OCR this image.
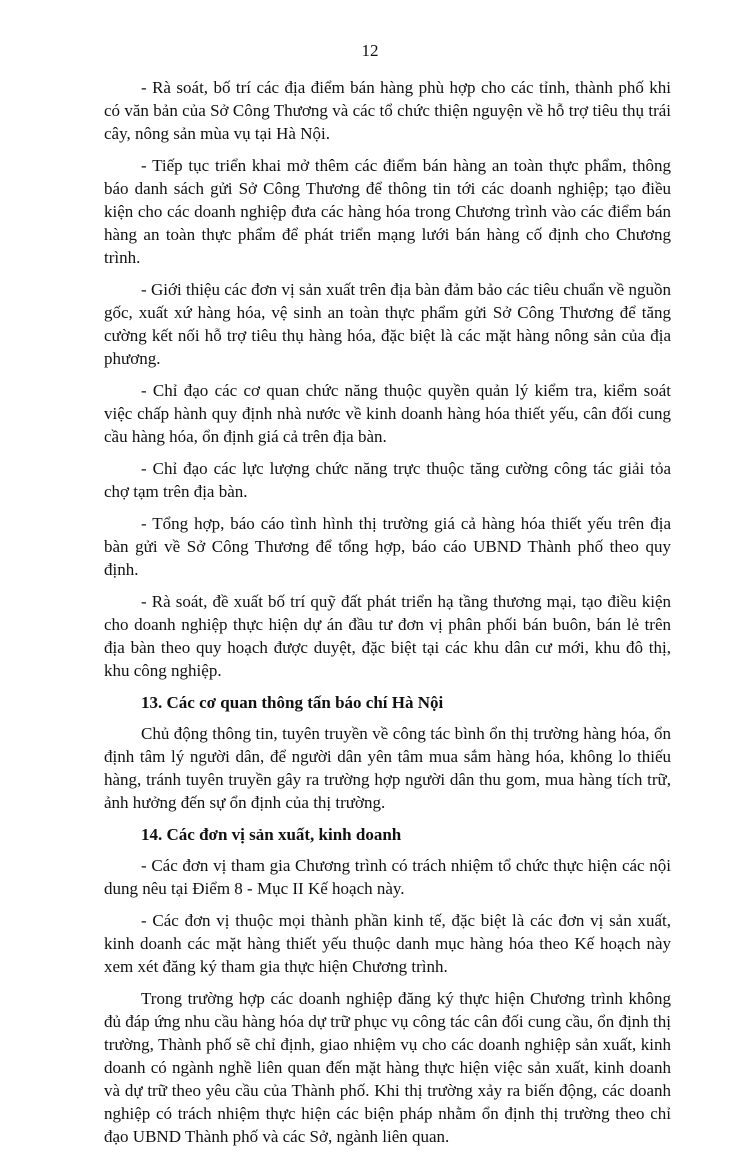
12

- Rà soát, bố trí các địa điểm bán hàng phù hợp cho các tỉnh, thành phố khi có văn bản của Sở Công Thương và các tổ chức thiện nguyện về hỗ trợ tiêu thụ trái cây, nông sản mùa vụ tại Hà Nội.

- Tiếp tục triển khai mở thêm các điểm bán hàng an toàn thực phẩm, thông báo danh sách gửi Sở Công Thương để thông tin tới các doanh nghiệp; tạo điều kiện cho các doanh nghiệp đưa các hàng hóa trong Chương trình vào các điểm bán hàng an toàn thực phẩm để phát triển mạng lưới bán hàng cố định cho Chương trình.

- Giới thiệu các đơn vị sản xuất trên địa bàn đảm bảo các tiêu chuẩn về nguồn gốc, xuất xứ hàng hóa, vệ sinh an toàn thực phẩm gửi Sở Công Thương để tăng cường kết nối hỗ trợ tiêu thụ hàng hóa, đặc biệt là các mặt hàng nông sản của địa phương.

- Chỉ đạo các cơ quan chức năng thuộc quyền quản lý kiểm tra, kiểm soát việc chấp hành quy định nhà nước về kinh doanh hàng hóa thiết yếu, cân đối cung cầu hàng hóa, ổn định giá cả trên địa bàn.

- Chỉ đạo các lực lượng chức năng trực thuộc tăng cường công tác giải tỏa chợ tạm trên địa bàn.

- Tổng hợp, báo cáo tình hình thị trường giá cả hàng hóa thiết yếu trên địa bàn gửi về Sở Công Thương để tổng hợp, báo cáo UBND Thành phố theo quy định.

- Rà soát, đề xuất bố trí quỹ đất phát triển hạ tầng thương mại, tạo điều kiện cho doanh nghiệp thực hiện dự án đầu tư đơn vị phân phối bán buôn, bán lẻ trên địa bàn theo quy hoạch được duyệt, đặc biệt tại các khu dân cư mới, khu đô thị, khu công nghiệp.

13. Các cơ quan thông tấn báo chí Hà Nội

Chủ động thông tin, tuyên truyền về công tác bình ổn thị trường hàng hóa, ổn định tâm lý người dân, để người dân yên tâm mua sắm hàng hóa, không lo thiếu hàng, tránh tuyên truyền gây ra trường hợp người dân thu gom, mua hàng tích trữ, ảnh hưởng đến sự ổn định của thị trường.

14. Các đơn vị sản xuất, kinh doanh

- Các đơn vị tham gia Chương trình có trách nhiệm tổ chức thực hiện các nội dung nêu tại Điểm 8 - Mục II Kế hoạch này.

- Các đơn vị thuộc mọi thành phần kinh tế, đặc biệt là các đơn vị sản xuất, kinh doanh các mặt hàng thiết yếu thuộc danh mục hàng hóa theo Kế hoạch này xem xét đăng ký tham gia thực hiện Chương trình.

Trong trường hợp các doanh nghiệp đăng ký thực hiện Chương trình không đủ đáp ứng nhu cầu hàng hóa dự trữ phục vụ công tác cân đối cung cầu, ổn định thị trường, Thành phố sẽ chỉ định, giao nhiệm vụ cho các doanh nghiệp sản xuất, kinh doanh có ngành nghề liên quan đến mặt hàng thực hiện việc sản xuất, kinh doanh và dự trữ theo yêu cầu của Thành phố. Khi thị trường xảy ra biến động, các doanh nghiệp có trách nhiệm thực hiện các biện pháp nhằm ổn định thị trường theo chỉ đạo UBND Thành phố và các Sở, ngành liên quan.
